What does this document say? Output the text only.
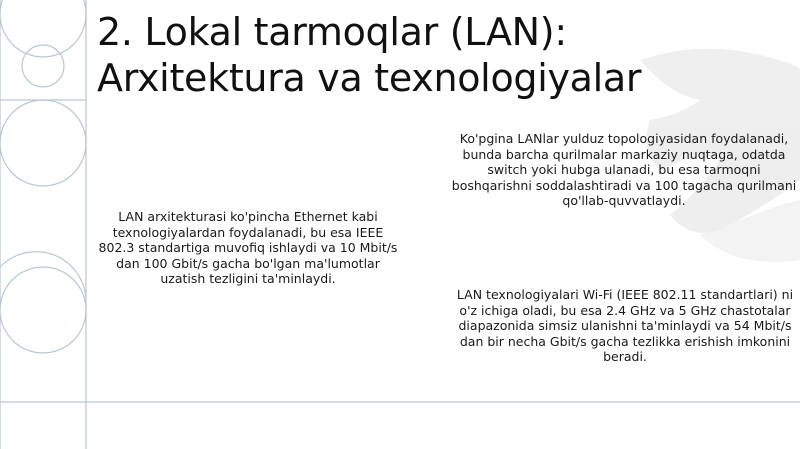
2. Lokal tarmoqlar (LAN):
Arxitektura va texnologiyalar

LAN arxitekturasi ko'pincha Ethernet kabi texnologiyalardan foydalanadi, bu esa IEEE 802.3 standartiga muvofiq ishlaydi va 10 Mbit/s dan 100 Gbit/s gacha bo'lgan ma'lumotlar uzatish tezligini ta'minlaydi.

Ko'pgina LANlar yulduz topologiyasidan foydalanadi, bunda barcha qurilmalar markaziy nuqtaga, odatda switch yoki hubga ulanadi, bu esa tarmoqni boshqarishni soddalashtiradi va 100 tagacha qurilmani qo'llab-quvvatlaydi.

LAN texnologiyalari Wi-Fi (IEEE 802.11 standartlari) ni o'z ichiga oladi, bu esa 2.4 GHz va 5 GHz chastotalar diapazonida simsiz ulanishni ta'minlaydi va 54 Mbit/s dan bir necha Gbit/s gacha tezlikka erishish imkonini beradi.
